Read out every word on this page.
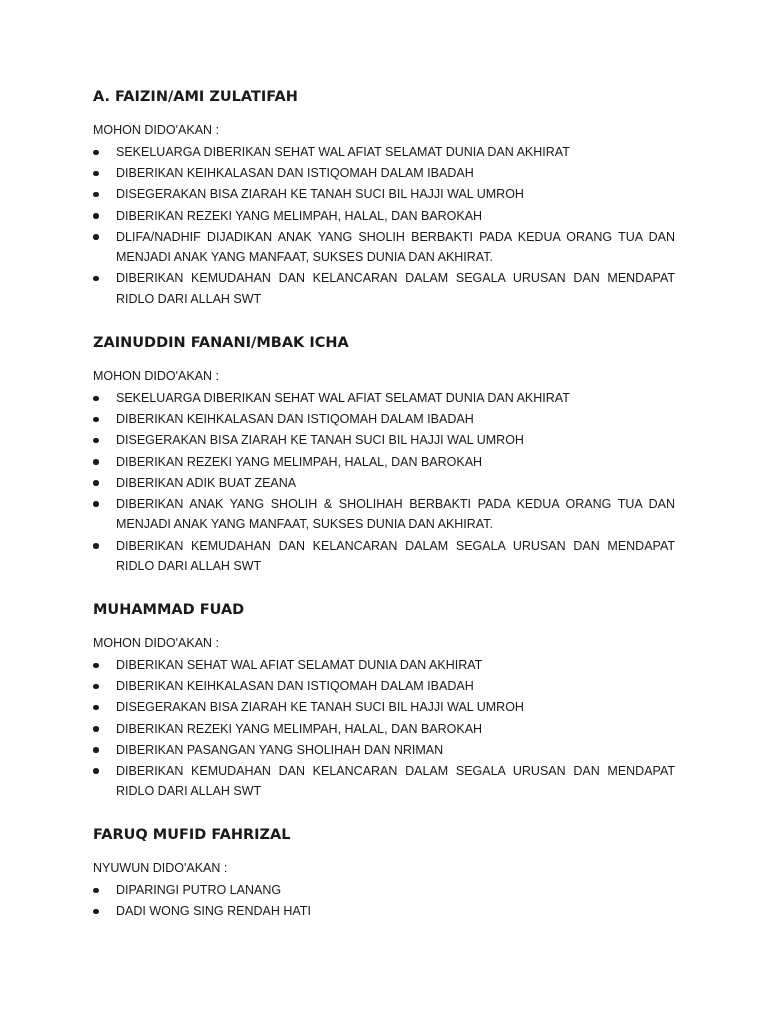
A. FAIZIN/AMI ZULATIFAH
MOHON DIDO'AKAN :
SEKELUARGA DIBERIKAN SEHAT WAL AFIAT SELAMAT DUNIA DAN AKHIRAT
DIBERIKAN KEIHKALASAN DAN ISTIQOMAH DALAM IBADAH
DISEGERAKAN BISA ZIARAH KE TANAH SUCI BIL HAJJI WAL UMROH
DIBERIKAN REZEKI YANG MELIMPAH, HALAL, DAN BAROKAH
DLIFA/NADHIF DIJADIKAN ANAK YANG SHOLIH BERBAKTI PADA KEDUA ORANG TUA DAN MENJADI ANAK YANG MANFAAT, SUKSES DUNIA DAN AKHIRAT.
DIBERIKAN KEMUDAHAN DAN KELANCARAN DALAM SEGALA URUSAN DAN MENDAPAT RIDLO DARI ALLAH SWT
ZAINUDDIN FANANI/MBAK ICHA
MOHON DIDO'AKAN :
SEKELUARGA DIBERIKAN SEHAT WAL AFIAT SELAMAT DUNIA DAN AKHIRAT
DIBERIKAN KEIHKALASAN DAN ISTIQOMAH DALAM IBADAH
DISEGERAKAN BISA ZIARAH KE TANAH SUCI BIL HAJJI WAL UMROH
DIBERIKAN REZEKI YANG MELIMPAH, HALAL, DAN BAROKAH
DIBERIKAN ADIK BUAT ZEANA
DIBERIKAN ANAK YANG SHOLIH & SHOLIHAH BERBAKTI PADA KEDUA ORANG TUA DAN MENJADI ANAK YANG MANFAAT, SUKSES DUNIA DAN AKHIRAT.
DIBERIKAN KEMUDAHAN DAN KELANCARAN DALAM SEGALA URUSAN DAN MENDAPAT RIDLO DARI ALLAH SWT
MUHAMMAD FUAD
MOHON DIDO'AKAN :
DIBERIKAN SEHAT WAL AFIAT SELAMAT DUNIA DAN AKHIRAT
DIBERIKAN KEIHKALASAN DAN ISTIQOMAH DALAM IBADAH
DISEGERAKAN BISA ZIARAH KE TANAH SUCI BIL HAJJI WAL UMROH
DIBERIKAN REZEKI YANG MELIMPAH, HALAL, DAN BAROKAH
DIBERIKAN PASANGAN YANG SHOLIHAH DAN NRIMAN
DIBERIKAN KEMUDAHAN DAN KELANCARAN DALAM SEGALA URUSAN DAN MENDAPAT RIDLO DARI ALLAH SWT
FARUQ MUFID FAHRIZAL
NYUWUN DIDO'AKAN :
DIPARINGI PUTRO LANANG
DADI WONG SING RENDAH HATI
